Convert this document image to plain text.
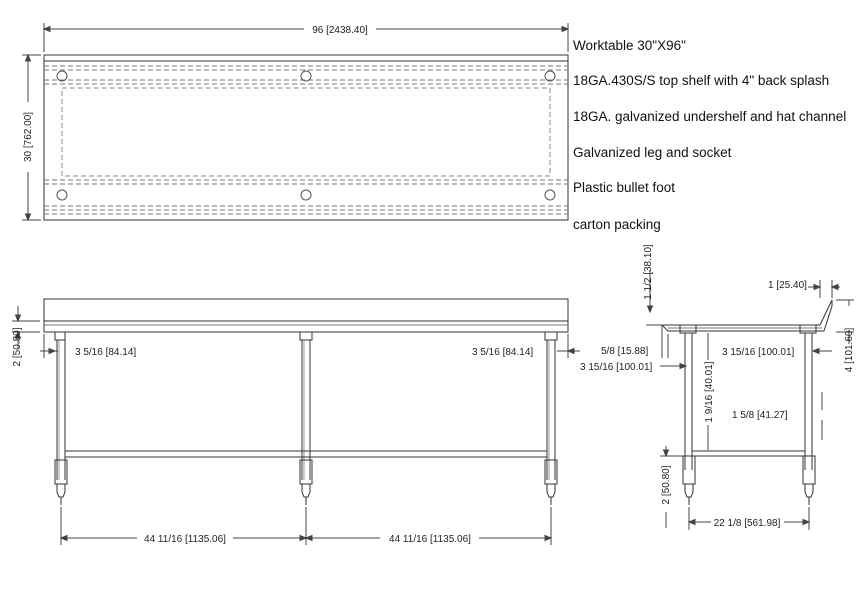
96 [2438.40]
30 [762.00]
2 [50.80]	3 5/16 [84.14]	3 5/16 [84.14]
44 11/16 [1135.06]	44 11/16 [1135.06]
1 1/2 [38.10]	1 [25.40]
4 [101.60]
5/8 [15.88]
3 15/16 [100.01]
3 15/16 [100.01]
1 9/16 [40.01] 1 5/8 [41.27]
2 [50.80]
22 1/8 [561.98]
Worktable 30"X96"
18GA.430S/S top shelf with 4" back splash
18GA. galvanized undershelf and hat channel
Galvanized leg and socket
Plastic bullet foot
carton packing
